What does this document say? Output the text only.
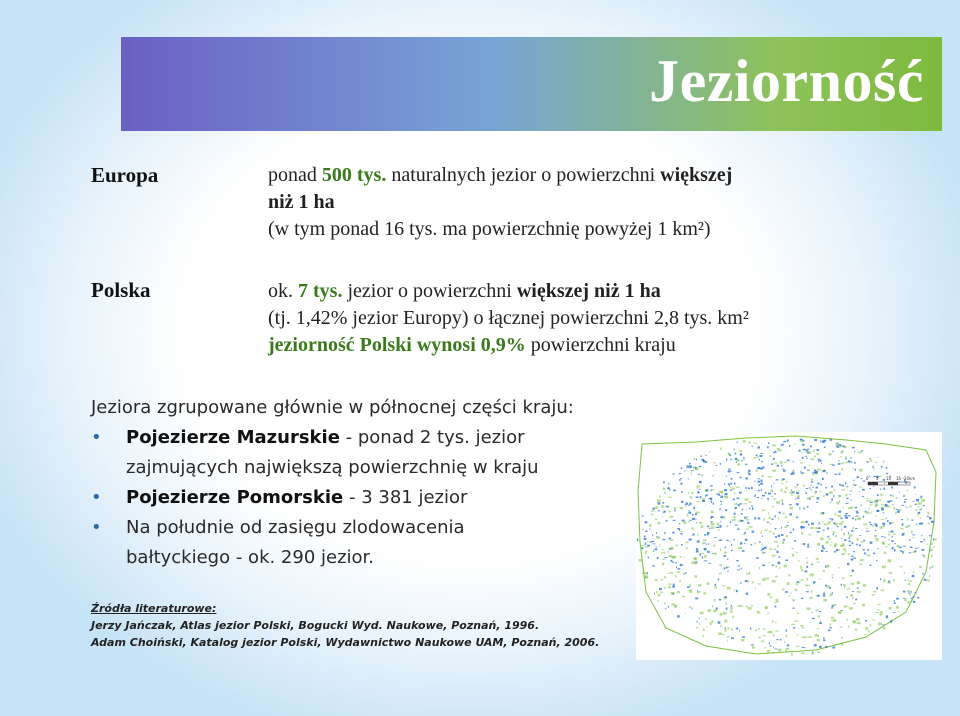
Jeziorność
Europa	ponad 500 tys. naturalnych jezior o powierzchni większej
niż 1 ha
(w tym ponad 16 tys. ma powierzchnię powyżej 1 km²)
Polska	ok. 7 tys. jezior o powierzchni większej niż 1 ha
(tj. 1,42% jezior Europy) o łącznej powierzchni 2,8 tys. km²
jeziorność Polski wynosi 0,9% powierzchni kraju
Jeziora zgrupowane głównie w północnej części kraju:
• Pojezierze Mazurskie - ponad 2 tys. jezior
zajmujących największą powierzchnię w kraju
• Pojezierze Pomorskie - 3 381 jezior
• Na południe od zasięgu zlodowacenia
bałtyckiego - ok. 290 jezior.
Źródła literaturowe:
Jerzy Jańczak, Atlas jezior Polski, Bogucki Wyd. Naukowe, Poznań, 1996.
Adam Choiński, Katalog jezior Polski, Wydawnictwo Naukowe UAM, Poznań, 2006.
0 5 10 15 20km
